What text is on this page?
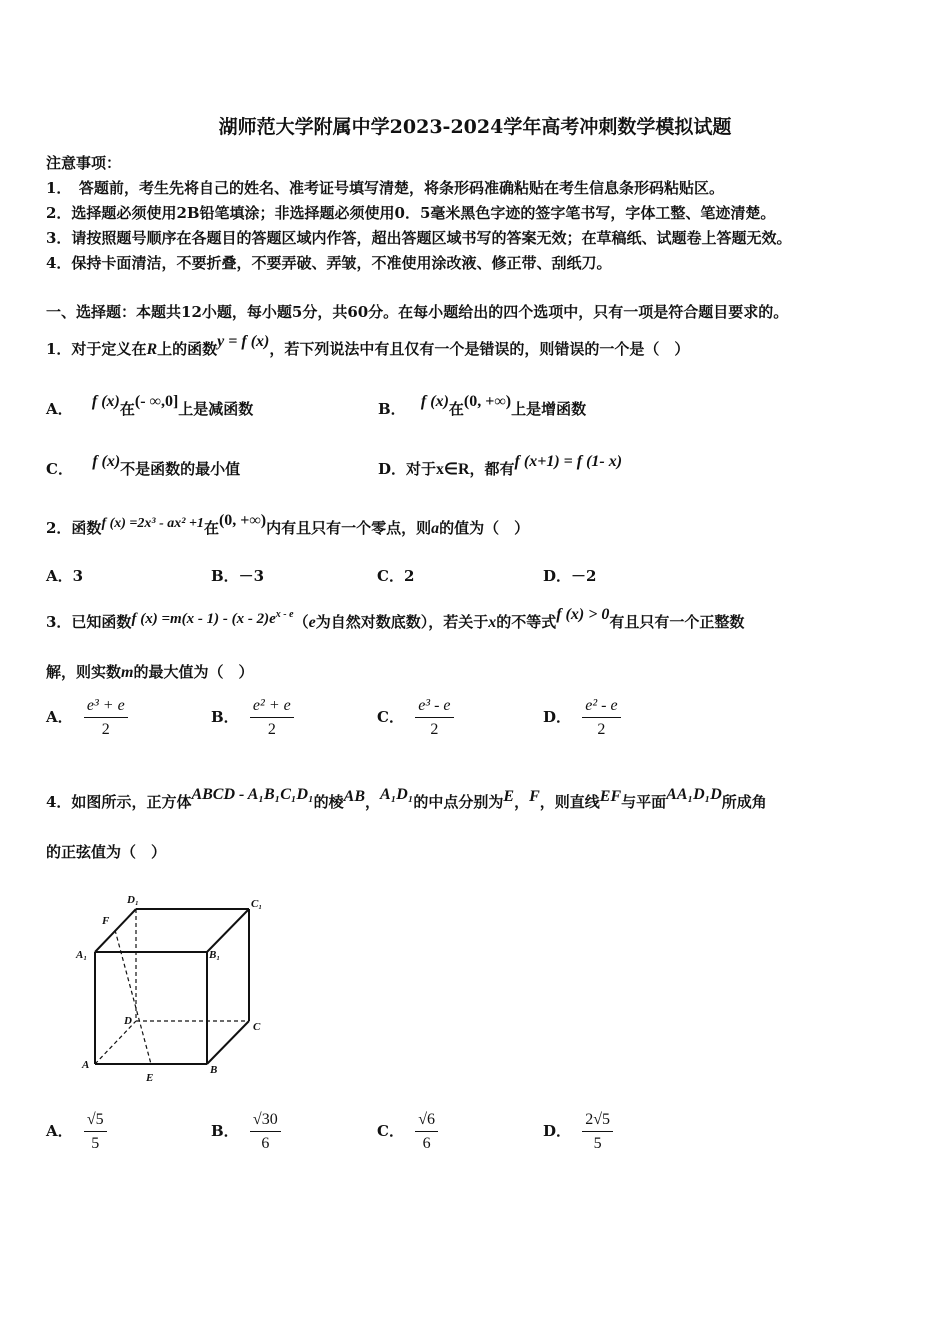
湖师范大学附属中学2023-2024学年高考冲刺数学模拟试题
注意事项：
1．　答题前，考生先将自己的姓名、准考证号填写清楚，将条形码准确粘贴在考生信息条形码粘贴区。
2．选择题必须使用2B铅笔填涂；非选择题必须使用0．5毫米黑色字迹的签字笔书写，字体工整、笔迹清楚。
3．请按照题号顺序在各题目的答题区域内作答，超出答题区域书写的答案无效；在草稿纸、试题卷上答题无效。
4．保持卡面清洁，不要折叠，不要弄破、弄皱，不准使用涂改液、修正带、刮纸刀。
一、选择题：本题共12小题，每小题5分，共60分。在每小题给出的四个选项中，只有一项是符合题目要求的。
1．对于定义在R上的函数y = f (x)，若下列说法中有且仅有一个是错误的，则错误的一个是（　）
A． f (x)在(- ∞,0]上是减函数	B． f (x)在(0, +∞)上是增函数
C． f (x)不是函数的最小值	D．对于x∈R，都有f (x+1) = f (1- x)
2．函数f (x) =2x³ - ax² +1在(0, +∞)内有且只有一个零点，则a的值为（　）
A．3	B．－3	C．2	D．－2
3．已知函数f $(x) =m(x - 1) - (x - 2)e^{x - e}(e$为自然对数底数），若关于x的不等式f (x) > 0有且只有一个正整数
解，则实数m的最大值为（　）
A． $\frac{\text{e³ + e}}{2}$	B． $\frac{\text{e² + e}}{2}$	C． $\frac{\text{e³ - e}}{2}$	D． $\frac{\text{e² - e}}{2}$
4．如图所示，正方体ABCD - A₁B₁C₁D₁的棱AB，A₁D₁的中点分别为E，F，则直线EF与平面AA₁D₁D所成角
的正弦值为（　）
D₁	C₁
F
A₁	B₁
D	C
A
E
B
A． $\frac{√5}{5}$	B． $\frac{√30}{6}$	C． $\frac{√6}{6}$	D． $\frac{2√5}{5}$
